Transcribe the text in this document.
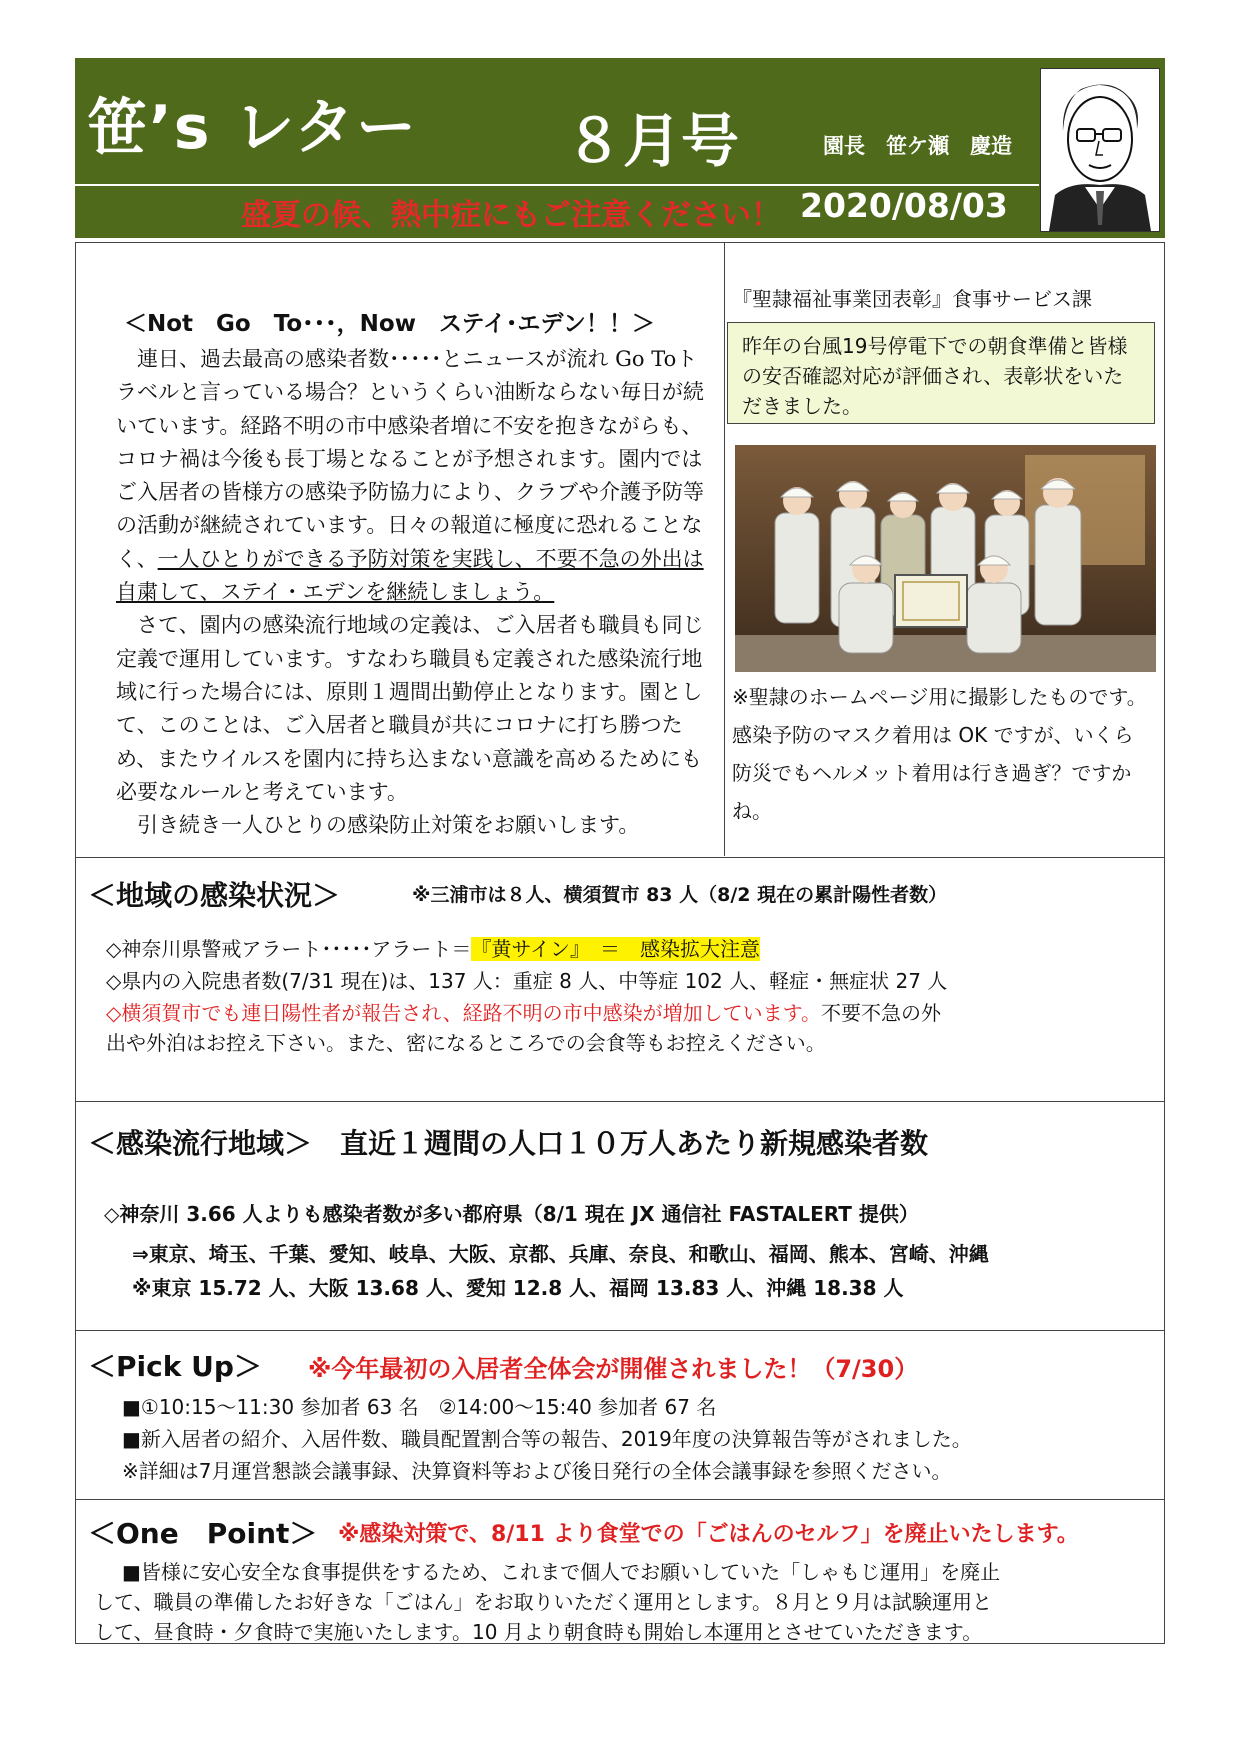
笹’s レター	８月号	園長　笹ケ瀬　慶造
盛夏の候、熱中症にもご注意ください！ 2020/08/03
＜Not　Go　To･･･，Now　ステイ･エデン！！＞

連日、過去最高の感染者数･････とニュースが流れ Go Toトラベルと言っている場合？というくらい油断ならない毎日が続いています。経路不明の市中感染者増に不安を抱きながらも、コロナ禍は今後も長丁場となることが予想されます。園内ではご入居者の皆様方の感染予防協力により、クラブや介護予防等の活動が継続されています。日々の報道に極度に恐れることなく、一人ひとりができる予防対策を実践し、不要不急の外出は自粛して、ステイ・エデンを継続しましょう。

さて、園内の感染流行地域の定義は、ご入居者も職員も同じ定義で運用しています。すなわち職員も定義された感染流行地域に行った場合には、原則１週間出勤停止となります。園として、このことは、ご入居者と職員が共にコロナに打ち勝つため、またウイルスを園内に持ち込まない意識を高めるためにも必要なルールと考えています。

引き続き一人ひとりの感染防止対策をお願いします。

『聖隷福祉事業団表彰』食事サービス課
昨年の台風19号停電下での朝食準備と皆様の安否確認対応が評価され、表彰状をいただきました。
※聖隷のホームページ用に撮影したものです。感染予防のマスク着用は OK ですが、いくら防災でもヘルメット着用は行き過ぎ？ですかね。
＜地域の感染状況＞	※三浦市は８人、横須賀市 83 人（8/2 現在の累計陽性者数）
◇神奈川県警戒アラート･････アラート＝『黄サイン』　＝　感染拡大注意
◇県内の入院患者数(7/31 現在)は、137 人：重症 8 人、中等症 102 人、軽症・無症状 27 人
◇横須賀市でも連日陽性者が報告され、経路不明の市中感染が増加しています。不要不急の外
出や外泊はお控え下さい。また、密になるところでの会食等もお控えください。
＜感染流行地域＞　直近１週間の人口１０万人あたり新規感染者数
◇神奈川 3.66 人よりも感染者数が多い都府県（8/1 現在 JX 通信社 FASTALERT 提供）
⇒東京、埼玉、千葉、愛知、岐阜、大阪、京都、兵庫、奈良、和歌山、福岡、熊本、宮崎、沖縄
※東京 15.72 人、大阪 13.68 人、愛知 12.8 人、福岡 13.83 人、沖縄 18.38 人
＜Pick Up＞ ※今年最初の入居者全体会が開催されました！（7/30）
■①10:15～11:30 参加者 63 名　②14:00～15:40 参加者 67 名
■新入居者の紹介、入居件数、職員配置割合等の報告、2019年度の決算報告等がされました。
※詳細は7月運営懇談会議事録、決算資料等および後日発行の全体会議事録を参照ください。
＜One　Point＞ ※感染対策で、8/11 より食堂での「ごはんのセルフ」を廃止いたします。
■皆様に安心安全な食事提供をするため、これまで個人でお願いしていた「しゃもじ運用」を廃止
して、職員の準備したお好きな「ごはん」をお取りいただく運用とします。８月と９月は試験運用と
して、昼食時・夕食時で実施いたします。10 月より朝食時も開始し本運用とさせていただきます。
